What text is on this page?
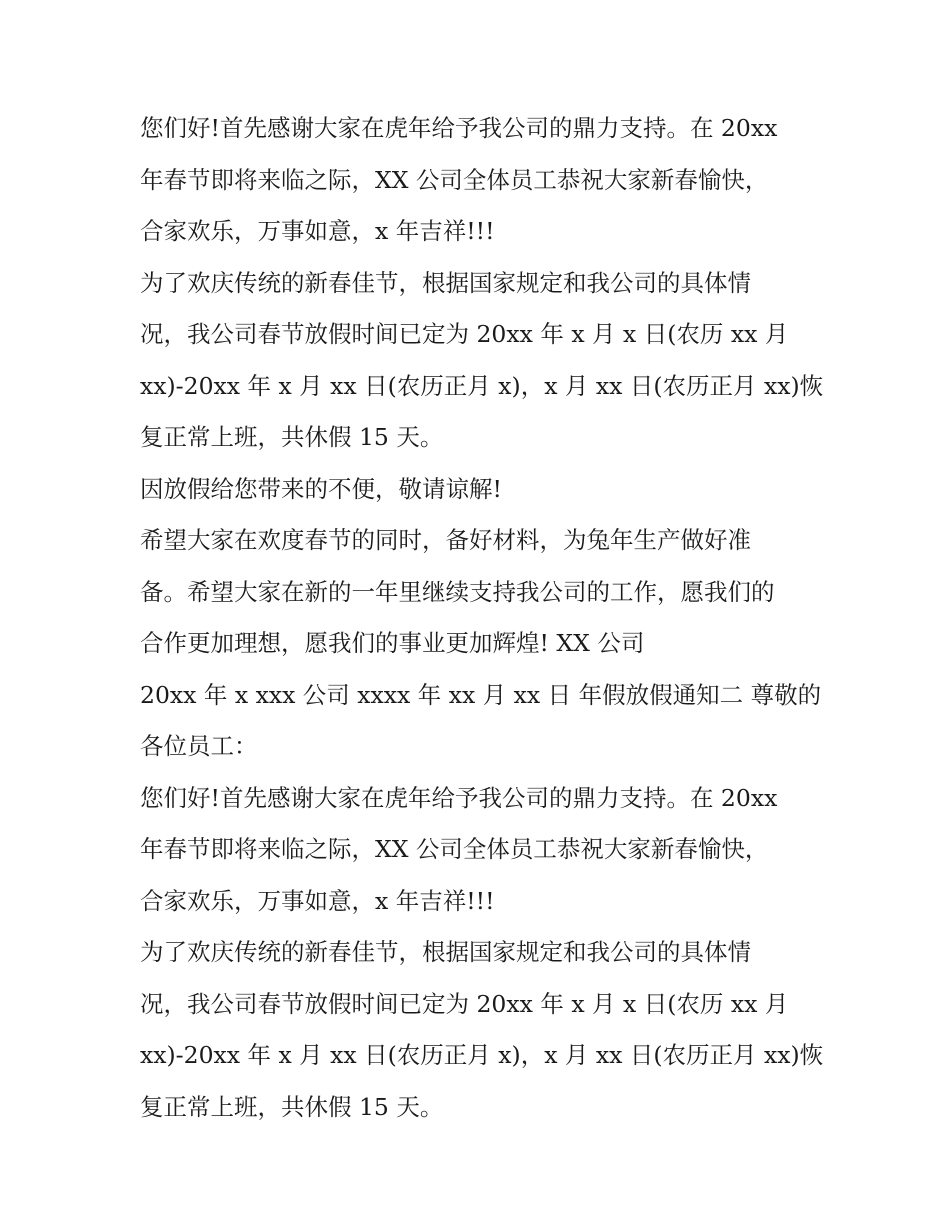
您们好!首先感谢大家在虎年给予我公司的鼎力支持。在 20xx
年春节即将来临之际，XX 公司全体员工恭祝大家新春愉快，
合家欢乐，万事如意，x 年吉祥!!!

为了欢庆传统的新春佳节，根据国家规定和我公司的具体情
况，我公司春节放假时间已定为 20xx 年 x 月 x 日(农历 xx 月
xx)-20xx 年 x 月 xx 日(农历正月 x)，x 月 xx 日(农历正月 xx)恢
复正常上班，共休假 15 天。

因放假给您带来的不便，敬请谅解!

希望大家在欢度春节的同时，备好材料，为兔年生产做好准
备。希望大家在新的一年里继续支持我公司的工作，愿我们的
合作更加理想，愿我们的事业更加辉煌! XX 公司

20xx 年 x xxx 公司 xxxx 年 xx 月 xx 日 年假放假通知二 尊敬的
各位员工：

您们好!首先感谢大家在虎年给予我公司的鼎力支持。在 20xx
年春节即将来临之际，XX 公司全体员工恭祝大家新春愉快，
合家欢乐，万事如意，x 年吉祥!!!

为了欢庆传统的新春佳节，根据国家规定和我公司的具体情
况，我公司春节放假时间已定为 20xx 年 x 月 x 日(农历 xx 月
xx)-20xx 年 x 月 xx 日(农历正月 x)，x 月 xx 日(农历正月 xx)恢
复正常上班，共休假 15 天。
